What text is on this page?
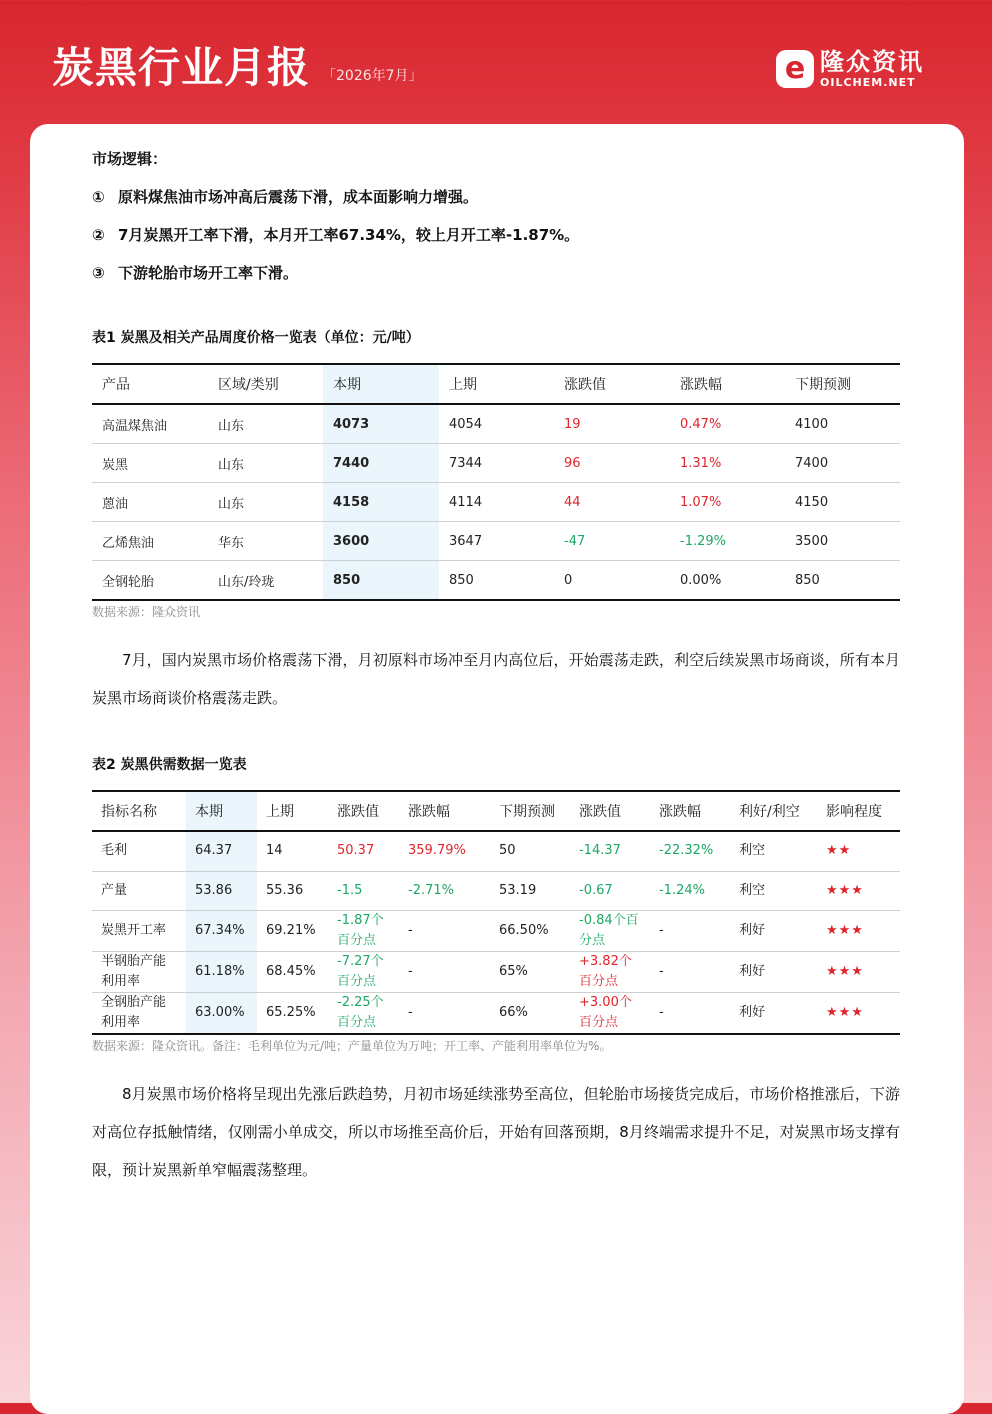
炭黑行业月报 「2026年7月」	e 隆众资讯
OILCHEM.NET
市场逻辑：
① 原料煤焦油市场冲高后震荡下滑，成本面影响力增强。
② 7月炭黑开工率下滑，本月开工率67.34%，较上月开工率-1.87%。
③ 下游轮胎市场开工率下滑。
表1 炭黑及相关产品周度价格一览表（单位：元/吨）
产品	区域/类别	本期	上期	涨跌值	涨跌幅	下期预测
高温煤焦油	山东	4073	4054	19	0.47%	4100
炭黑	山东	7440	7344	96	1.31%	7400
蒽油	山东	4158	4114	44	1.07%	4150
乙烯焦油	华东	3600	3647	-47	-1.29%	3500
全钢轮胎	山东/玲珑	850	850	0	0.00%	850
数据来源：隆众资讯

7月，国内炭黑市场价格震荡下滑，月初原料市场冲至月内高位后，开始震荡走跌，利空后续炭黑市场商谈，所有本月炭黑市场商谈价格震荡走跌。

表2 炭黑供需数据一览表
指标名称	本期	上期	涨跌值	涨跌幅	下期预测	涨跌值	涨跌幅	利好/利空	影响程度
毛利	64.37	14	50.37	359.79%	50	-14.37	-22.32%	利空	★★
产量	53.86	55.36	-1.5	-2.71%	53.19	-0.67	-1.24%	利空	★★★
炭黑开工率	67.34%	69.21%	-1.87个百分点	-	66.50%	-0.84个百分点	-	利好	★★★
半钢胎产能利用率	61.18%	68.45%	-7.27个百分点	-	65%	+3.82个百分点	-	利好	★★★
全钢胎产能利用率	63.00%	65.25%	-2.25个百分点	-	66%	+3.00个百分点	-	利好	★★★
数据来源：隆众资讯。备注：毛利单位为元/吨；产量单位为万吨；开工率、产能利用率单位为%。

8月炭黑市场价格将呈现出先涨后跌趋势，月初市场延续涨势至高位，但轮胎市场接货完成后，市场价格推涨后，下游对高位存抵触情绪，仅刚需小单成交，所以市场推至高价后，开始有回落预期，8月终端需求提升不足，对炭黑市场支撑有限，预计炭黑新单窄幅震荡整理。
